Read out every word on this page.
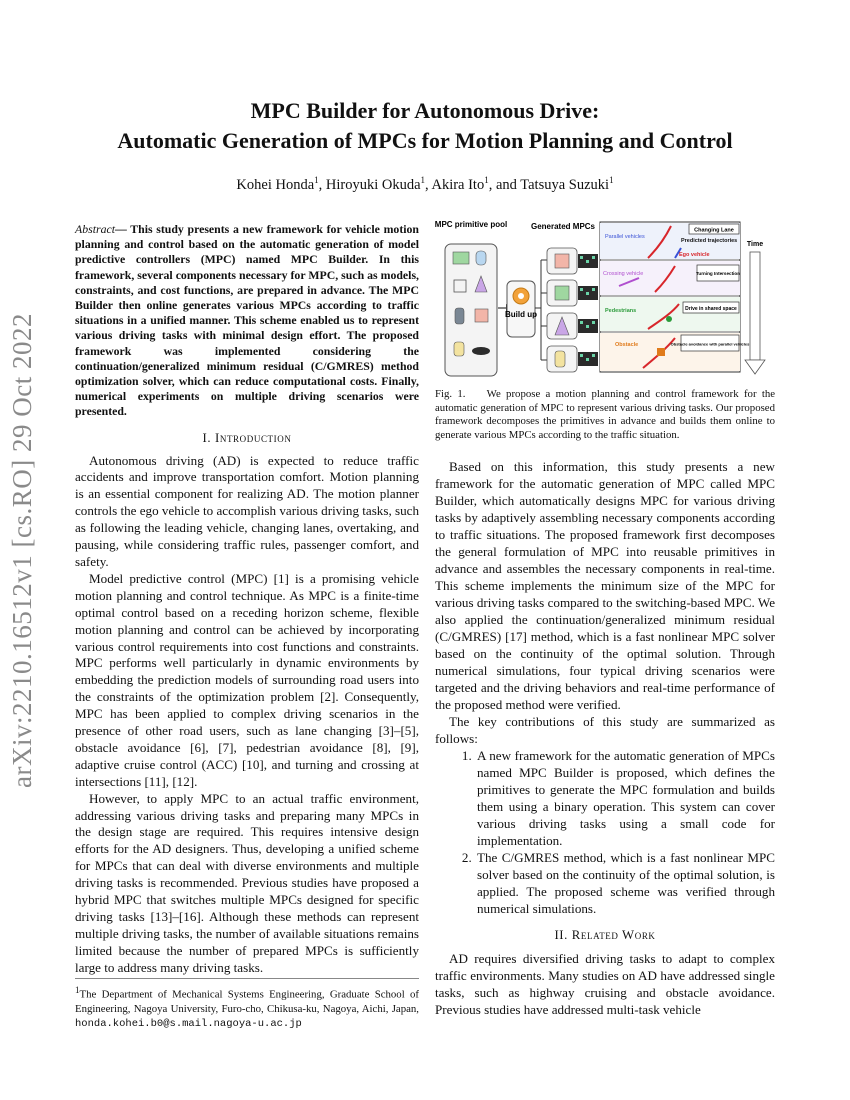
arXiv:2210.16512v1 [cs.RO] 29 Oct 2022
MPC Builder for Autonomous Drive:
Automatic Generation of MPCs for Motion Planning and Control
Kohei Honda$^1$, Hiroyuki Okuda$^1$, Akira Ito$^1$, and Tatsuya Suzuki$^1$
Abstract— This study presents a new framework for vehicle motion planning and control based on the automatic generation of model predictive controllers (MPC) named MPC Builder. In this framework, several components necessary for MPC, such as models, constraints, and cost functions, are prepared in advance. The MPC Builder then online generates various MPCs according to traffic situations in a unified manner. This scheme enabled us to represent various driving tasks with minimal design effort. The proposed framework was implemented considering the continuation/generalized minimum residual (C/GMRES) method optimization solver, which can reduce computational costs. Finally, numerical experiments on multiple driving scenarios were presented.
I. Introduction

Autonomous driving (AD) is expected to reduce traffic accidents and improve transportation comfort. Motion planning is an essential component for realizing AD. The motion planner controls the ego vehicle to accomplish various driving tasks, such as following the leading vehicle, changing lanes, overtaking, and pausing, while considering traffic rules, passenger comfort, and safety.

Model predictive control (MPC) [1] is a promising vehicle motion planning and control technique. As MPC is a finite-time optimal control based on a receding horizon scheme, flexible motion planning and control can be achieved by incorporating various control requirements into cost functions and constraints. MPC performs well particularly in dynamic environments by embedding the prediction models of surrounding road users into the constraints of the optimization problem [2]. Consequently, MPC has been applied to complex driving scenarios in the presence of other road users, such as lane changing [3]–[5], obstacle avoidance [6], [7], pedestrian avoidance [8], [9], adaptive cruise control (ACC) [10], and turning and crossing at intersections [11], [12].

However, to apply MPC to an actual traffic environment, addressing various driving tasks and preparing many MPCs in the design stage are required. This requires intensive design efforts for the AD designers. Thus, developing a unified scheme for MPCs that can deal with diverse environments and multiple driving tasks is recommended. Previous studies have proposed a hybrid MPC that switches multiple MPCs designed for specific driving tasks [13]–[16]. Although these methods can represent multiple driving tasks, the number of available situations remains limited because the number of prepared MPCs is sufficiently large to address many driving tasks.

$^1$The Department of Mechanical Systems Engineering, Graduate School of Engineering, Nagoya University, Furo-cho, Chikusa-ku, Nagoya, Aichi, Japan, honda.kohei.b0@s.mail.nagoya-u.ac.jp
MPC primitive pool
Build up
Generated MPCs
Parallel vehicles
Predicted trajectories
Ego vehicle
Crossing vehicle
Pedestrians
Obstacle
Changing Lane
Turning Intersection
Drive in shared space
Obstacle avoidance with parallel vehicles
Time
Fig. 1. We propose a motion planning and control framework for the automatic generation of MPC to represent various driving tasks. Our proposed framework decomposes the primitives in advance and builds them online to generate various MPCs according to the traffic situation.

Based on this information, this study presents a new framework for the automatic generation of MPC called MPC Builder, which automatically designs MPC for various driving tasks by adaptively assembling necessary components according to traffic situations. The proposed framework first decomposes the general formulation of MPC into reusable primitives in advance and assembles the necessary components in real-time. This scheme implements the minimum size of the MPC for various driving tasks compared to the switching-based MPC. We also applied the continuation/generalized minimum residual (C/GMRES) [17] method, which is a fast nonlinear MPC solver based on the continuity of the optimal solution. Through numerical simulations, four typical driving scenarios were targeted and the driving behaviors and real-time performance of the proposed method were verified.

The key contributions of this study are summarized as follows:

1. A new framework for the automatic generation of MPCs named MPC Builder is proposed, which defines the primitives to generate the MPC formulation and builds them using a binary operation. This system can cover various driving tasks using a small code for implementation.
2. The C/GMRES method, which is a fast nonlinear MPC solver based on the continuity of the optimal solution, is applied. The proposed scheme was verified through numerical simulations.
II. Related Work

AD requires diversified driving tasks to adapt to complex traffic environments. Many studies on AD have addressed single tasks, such as highway cruising and obstacle avoidance. Previous studies have addressed multi-task vehicle
